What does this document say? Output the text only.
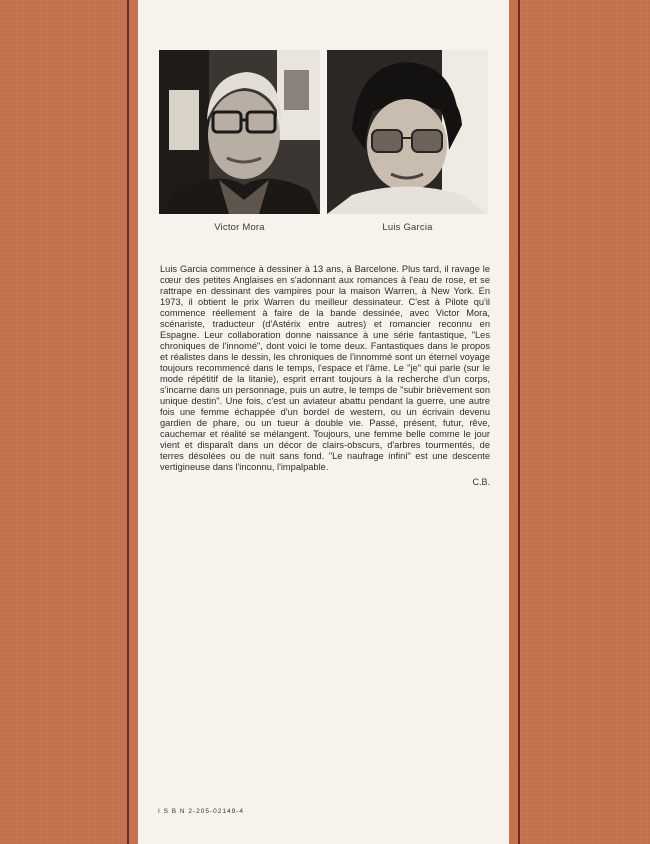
Victor Mora	Luis Garcia

Luis Garcia commence à dessiner à 13 ans, à Barcelone. Plus tard, il ravage le cœur des petites Anglaises en s'adonnant aux romances à l'eau de rose, et se rattrape en dessinant des vampires pour la maison Warren, à New York. En 1973, il obtient le prix Warren du meilleur dessinateur. C'est à Pilote qu'il commence réellement à faire de la bande dessinée, avec Victor Mora, scénariste, traducteur (d'Astérix entre autres) et romancier reconnu en Espagne. Leur collaboration donne naissance à une série fantastique, "Les chroniques de l'innomé", dont voici le tome deux. Fantastiques dans le propos et réalistes dans le dessin, les chroniques de l'innommé sont un éternel voyage toujours recommencé dans le temps, l'espace et l'âme. Le "je" qui parle (sur le mode répétitif de la litanie), esprit errant toujours à la recherche d'un corps, s'incarne dans un personnage, puis un autre, le temps de "subir brièvement son unique destin". Une fois, c'est un aviateur abattu pendant la guerre, une autre fois une femme échappée d'un bordel de western, ou un écrivain devenu gardien de phare, ou un tueur à double vie. Passé, présent, futur, rêve, cauchemar et réalité se mélangent. Toujours, une femme belle comme le jour vient et disparaît dans un décor de clairs-obscurs, d'arbres tourmentés, de terres désolées ou de nuit sans fond. "Le naufrage infini" est une descente vertigineuse dans l'inconnu, l'impalpable.

C.B.
I S B N 2-205-02149-4
